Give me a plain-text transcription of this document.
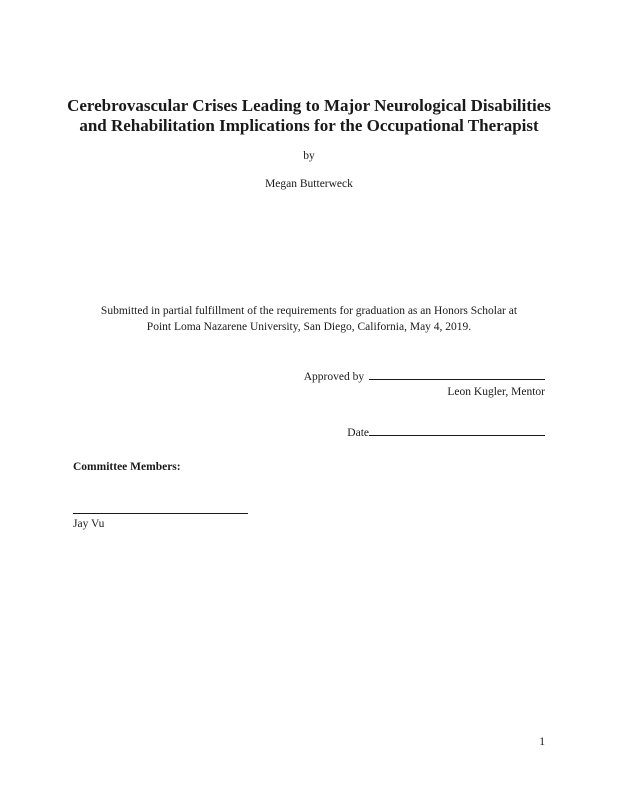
Cerebrovascular Crises Leading to Major Neurological Disabilities
and Rehabilitation Implications for the Occupational Therapist
by
Megan Butterweck
Submitted in partial fulfillment of the requirements for graduation as an Honors Scholar at
Point Loma Nazarene University, San Diego, California, May 4, 2019.
Approved by
Leon Kugler, Mentor
Date
Committee Members:
Jay Vu
1
